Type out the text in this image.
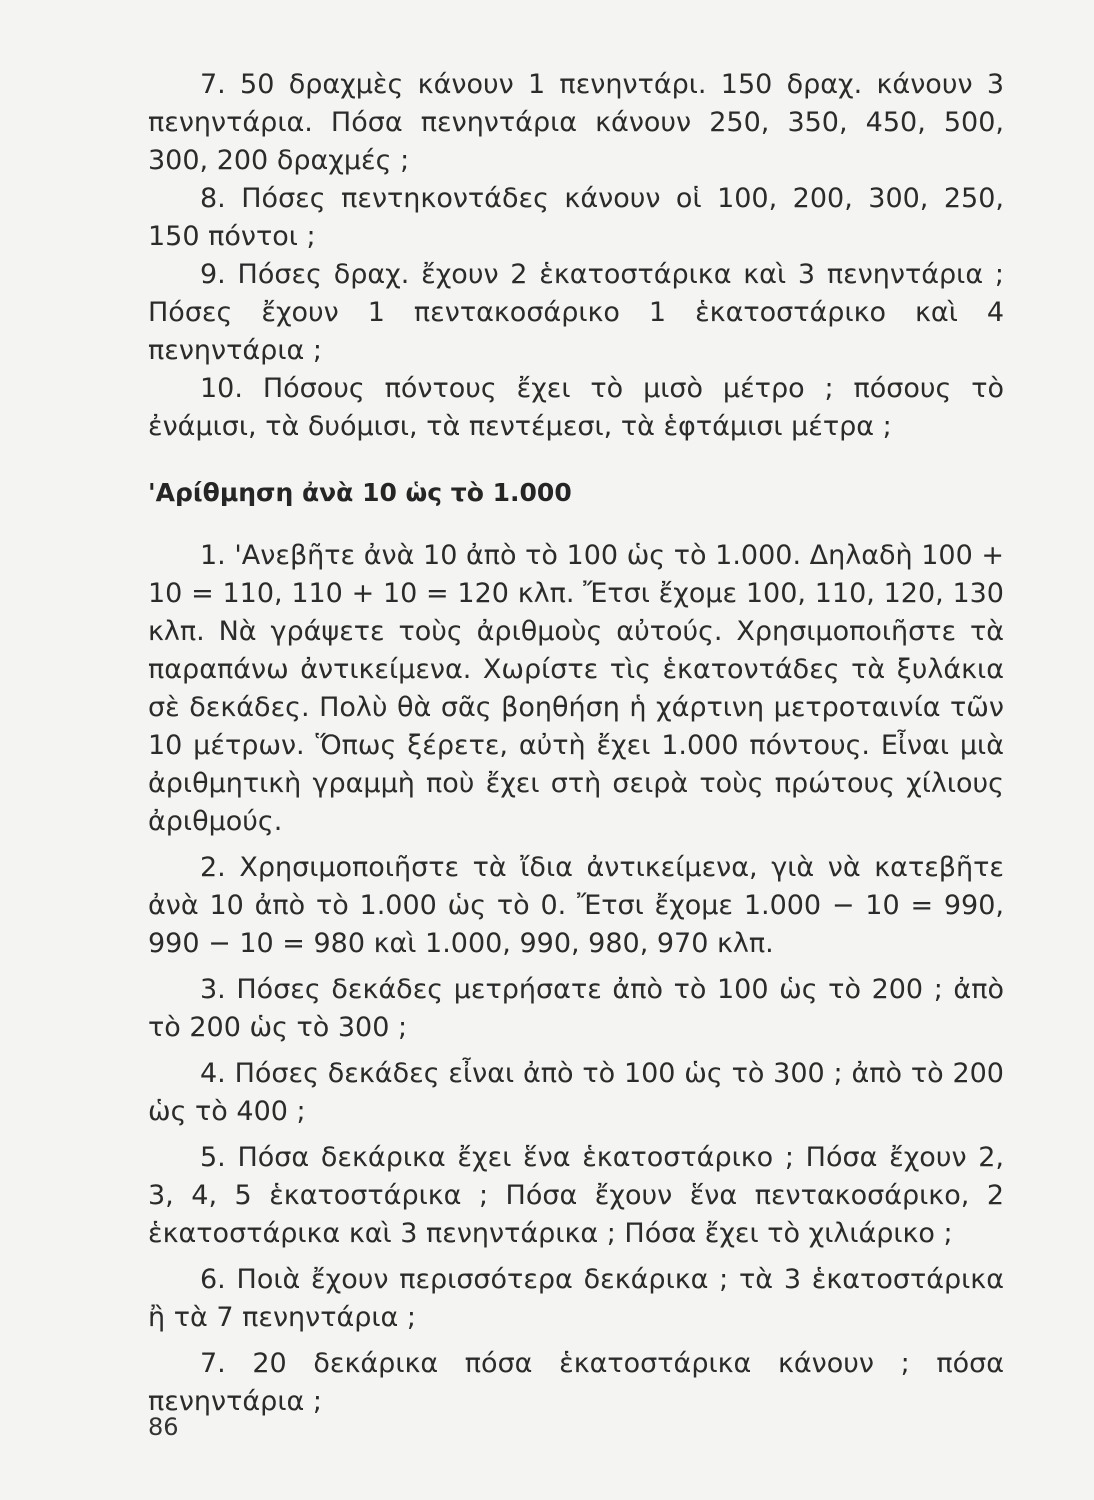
7. 50 δραχμὲς κάνουν 1 πενηντάρι. 150 δραχ. κάνουν 3 πενηντάρια. Πόσα πενηντάρια κάνουν 250, 350, 450, 500, 300, 200 δραχμές ;

8. Πόσες πεντηκοντάδες κάνουν οἱ 100, 200, 300, 250, 150 πόντοι ;

9. Πόσες δραχ. ἔχουν 2 ἑκατοστάρικα καὶ 3 πενηντάρια ; Πόσες ἔχουν 1 πεντακοσάρικο 1 ἑκατοστάρικο καὶ 4 πενηντάρια ;

10. Πόσους πόντους ἔχει τὸ μισὸ μέτρο ; πόσους τὸ ἐνάμισι, τὰ δυόμισι, τὰ πεντέμεσι, τὰ ἑφτάμισι μέτρα ;

'Αρίθμηση ἀνὰ 10 ὡς τὸ 1.000

1. 'Ανεβῆτε ἀνὰ 10 ἀπὸ τὸ 100 ὡς τὸ 1.000. Δηλαδὴ 100 + 10 = 110, 110 + 10 = 120 κλπ. Ἔτσι ἔχομε 100, 110, 120, 130 κλπ. Νὰ γράψετε τοὺς ἀριθμοὺς αὐτούς. Χρησιμοποιῆστε τὰ παραπάνω ἀντικείμενα. Χωρίστε τὶς ἑκατοντάδες τὰ ξυλάκια σὲ δεκάδες. Πολὺ θὰ σᾶς βοηθήση ἡ χάρτινη μετροταινία τῶν 10 μέτρων. Ὅπως ξέρετε, αὐτὴ ἔχει 1.000 πόντους. Εἶναι μιὰ ἀριθμητικὴ γραμμὴ ποὺ ἔχει στὴ σειρὰ τοὺς πρώτους χίλιους ἀριθμούς.

2. Χρησιμοποιῆστε τὰ ἴδια ἀντικείμενα, γιὰ νὰ κατεβῆτε ἀνὰ 10 ἀπὸ τὸ 1.000 ὡς τὸ 0. Ἔτσι ἔχομε 1.000 − 10 = 990, 990 − 10 = 980 καὶ 1.000, 990, 980, 970 κλπ.

3. Πόσες δεκάδες μετρήσατε ἀπὸ τὸ 100 ὡς τὸ 200 ; ἀπὸ τὸ 200 ὡς τὸ 300 ;

4. Πόσες δεκάδες εἶναι ἀπὸ τὸ 100 ὡς τὸ 300 ; ἀπὸ τὸ 200 ὡς τὸ 400 ;

5. Πόσα δεκάρικα ἔχει ἕνα ἑκατοστάρικο ; Πόσα ἔχουν 2, 3, 4, 5 ἑκατοστάρικα ; Πόσα ἔχουν ἕνα πεντακοσάρικο, 2 ἑκατοστάρικα καὶ 3 πενηντάρικα ; Πόσα ἔχει τὸ χιλιάρικο ;

6. Ποιὰ ἔχουν περισσότερα δεκάρικα ; τὰ 3 ἑκατοστάρικα ἢ τὰ 7 πενηντάρια ;

7. 20 δεκάρικα πόσα ἑκατοστάρικα κάνουν ; πόσα πενηντάρια ;

86
